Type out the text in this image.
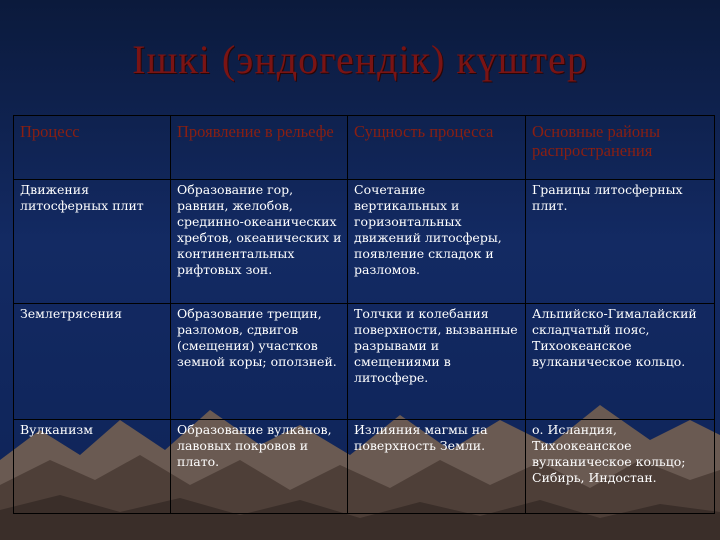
Ішкі (эндогендік) күштер
Процесс	Проявление в рельефе	Сущность процесса	Основные районы распространения
Движения литосферных плит	Образование гор, равнин, желобов, срединно-океанических хребтов, океанических и континентальных рифтовых зон.	Сочетание вертикальных и горизонтальных движений литосферы, появление складок и разломов.	Границы литосферных плит.
Землетрясения	Образование трещин, разломов, сдвигов (смещения) участков земной коры; оползней.	Толчки и колебания поверхности, вызванные разрывами и смещениями в литосфере.	Альпийско-Гималайский складчатый пояс, Тихоокеанское вулканическое кольцо.
Вулканизм	Образование вулканов, лавовых покровов и плато.	Излияния магмы на поверхность Земли.	о. Исландия, Тихоокеанское вулканическое кольцо; Сибирь, Индостан.
